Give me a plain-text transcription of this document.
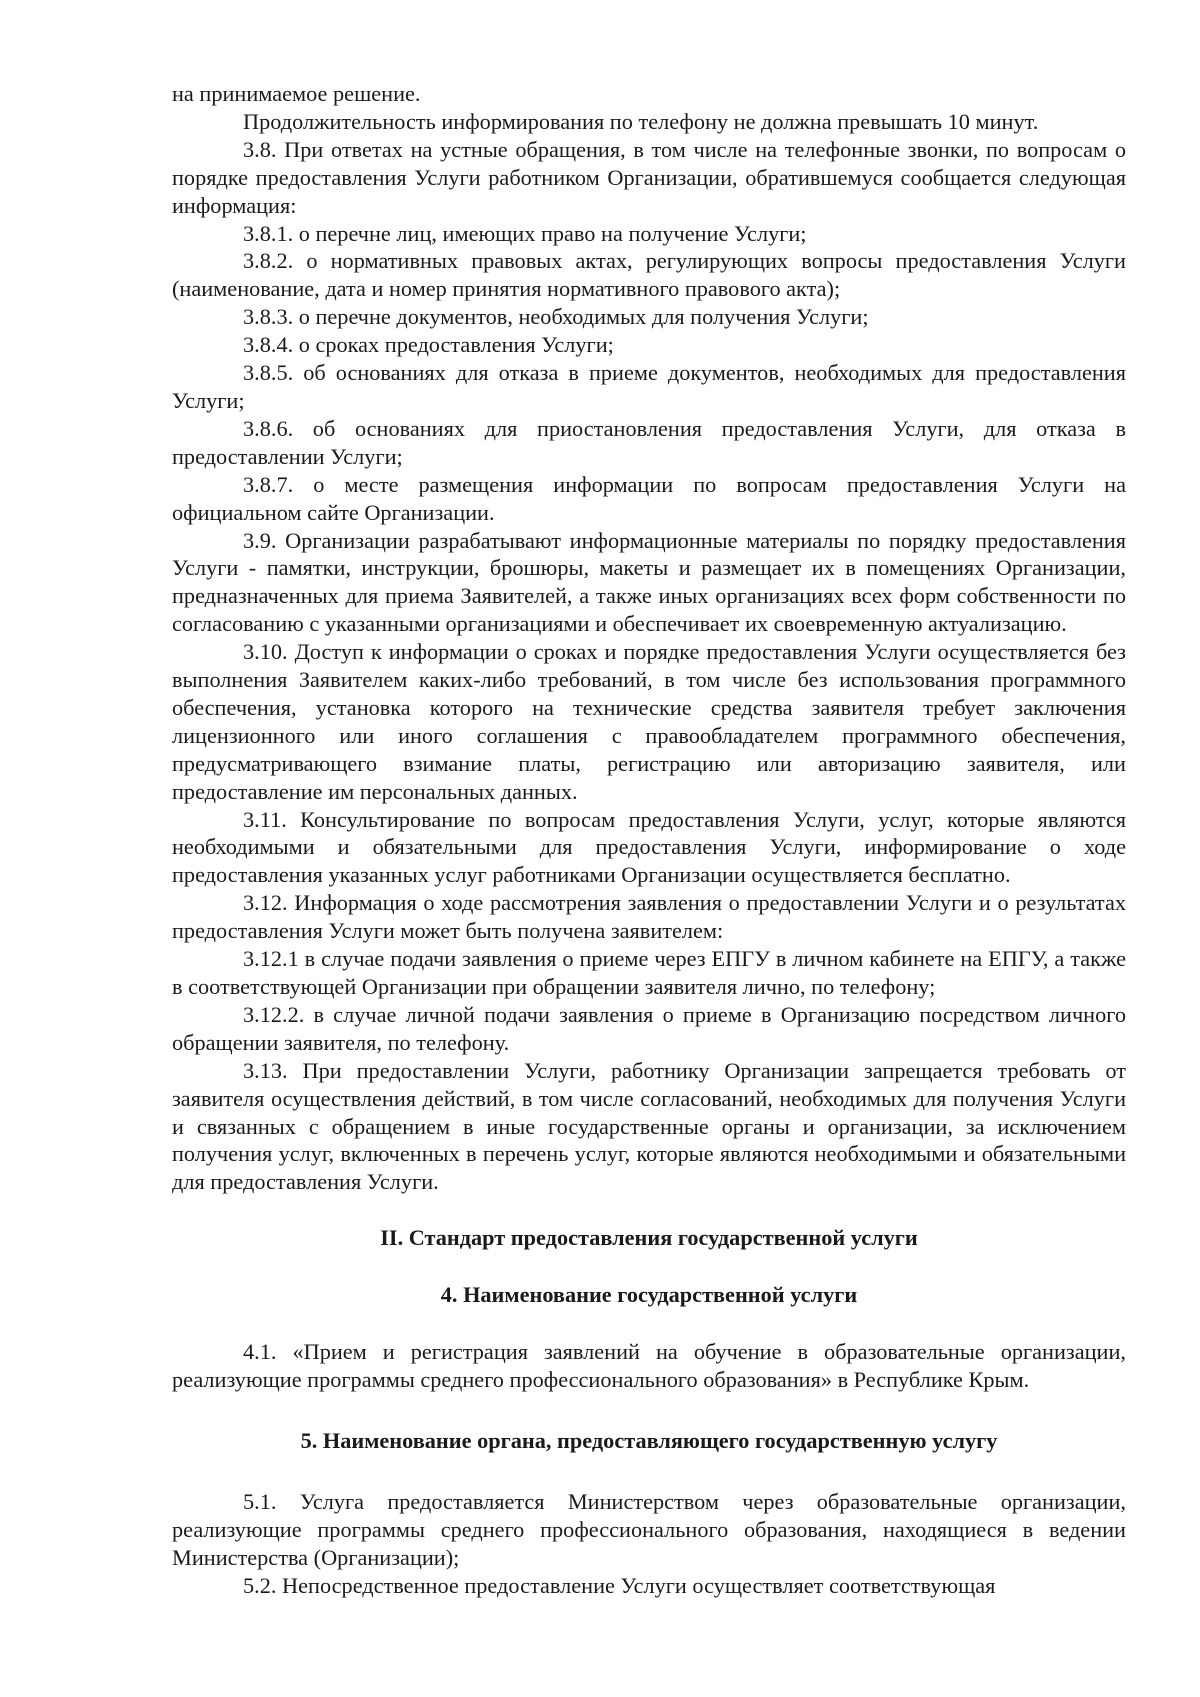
на принимаемое решение.

Продолжительность информирования по телефону не должна превышать 10 минут.

3.8. При ответах на устные обращения, в том числе на телефонные звонки, по вопросам о порядке предоставления Услуги работником Организации, обратившемуся сообщается следующая информация:

3.8.1. о перечне лиц, имеющих право на получение Услуги;

3.8.2. о нормативных правовых актах, регулирующих вопросы предоставления Услуги (наименование, дата и номер принятия нормативного правового акта);

3.8.3. о перечне документов, необходимых для получения Услуги;

3.8.4. о сроках предоставления Услуги;

3.8.5. об основаниях для отказа в приеме документов, необходимых для предоставления Услуги;

3.8.6. об основаниях для приостановления предоставления Услуги, для отказа в предоставлении Услуги;

3.8.7. о месте размещения информации по вопросам предоставления Услуги на официальном сайте Организации.

3.9. Организации разрабатывают информационные материалы по порядку предоставления Услуги - памятки, инструкции, брошюры, макеты и размещает их в помещениях Организации, предназначенных для приема Заявителей, а также иных организациях всех форм собственности по согласованию с указанными организациями и обеспечивает их своевременную актуализацию.

3.10. Доступ к информации о сроках и порядке предоставления Услуги осуществляется без выполнения Заявителем каких-либо требований, в том числе без использования программного обеспечения, установка которого на технические средства заявителя требует заключения лицензионного или иного соглашения с правообладателем программного обеспечения, предусматривающего взимание платы, регистрацию или авторизацию заявителя, или предоставление им персональных данных.

3.11. Консультирование по вопросам предоставления Услуги, услуг, которые являются необходимыми и обязательными для предоставления Услуги, информирование о ходе предоставления указанных услуг работниками Организации осуществляется бесплатно.

3.12. Информация о ходе рассмотрения заявления о предоставлении Услуги и о результатах предоставления Услуги может быть получена заявителем:

3.12.1 в случае подачи заявления о приеме через ЕПГУ в личном кабинете на ЕПГУ, а также в соответствующей Организации при обращении заявителя лично, по телефону;

3.12.2. в случае личной подачи заявления о приеме в Организацию посредством личного обращении заявителя, по телефону.

3.13. При предоставлении Услуги, работнику Организации запрещается требовать от заявителя осуществления действий, в том числе согласований, необходимых для получения Услуги и связанных с обращением в иные государственные органы и организации, за исключением получения услуг, включенных в перечень услуг, которые являются необходимыми и обязательными для предоставления Услуги.

II. Стандарт предоставления государственной услуги

4. Наименование государственной услуги

4.1. «Прием и регистрация заявлений на обучение в образовательные организации, реализующие программы среднего профессионального образования» в Республике Крым.

5. Наименование органа, предоставляющего государственную услугу

5.1. Услуга предоставляется Министерством через образовательные организации, реализующие программы среднего профессионального образования, находящиеся в ведении Министерства (Организации);

5.2. Непосредственное предоставление Услуги осуществляет соответствующая
